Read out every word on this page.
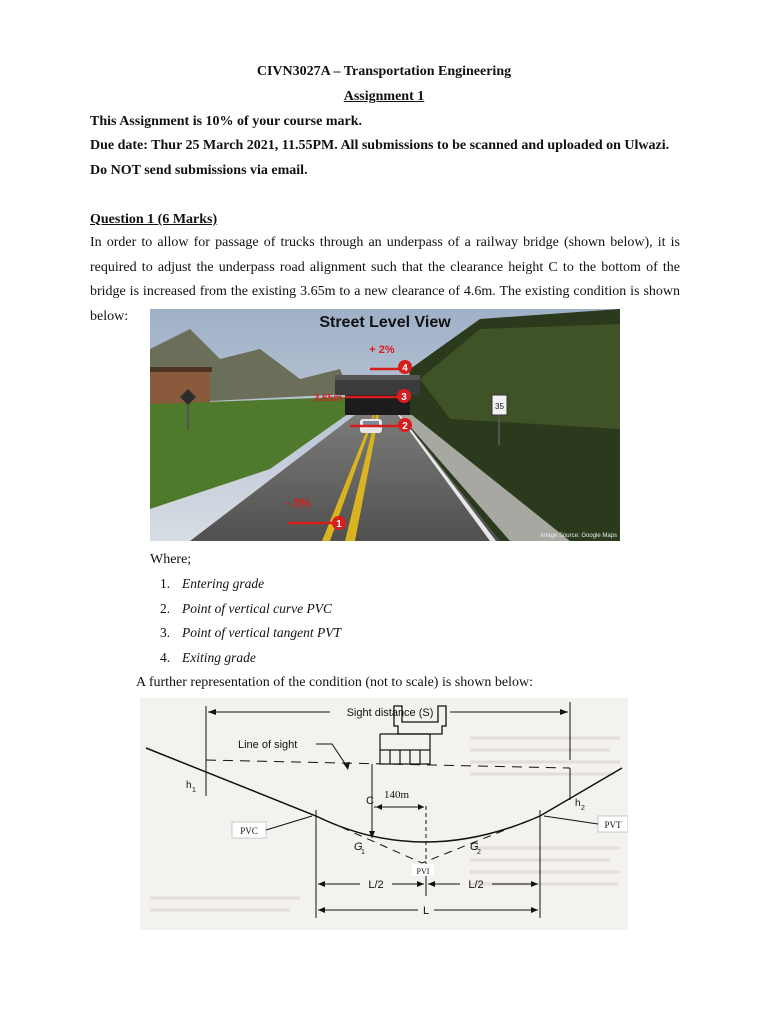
CIVN3027A – Transportation Engineering
Assignment 1
This Assignment is 10% of your course mark.
Due date: Thur 25 March 2021, 11.55PM. All submissions to be scanned and uploaded on Ulwazi.
Do NOT send submissions via email.
Question 1 (6 Marks)
In order to allow for passage of trucks through an underpass of a railway bridge (shown below), it is required to adjust the underpass road alignment such that the clearance height C to the bottom of the bridge is increased from the existing 3.65m to a new clearance of 4.6m. The existing condition is shown below:
35
Street Level View
4
+ 2%
3
3.65m
2
1
- 3%
Image Source: Google Maps
Where;
1. Entering grade
2. Point of vertical curve PVC
3. Point of vertical tangent PVT
4. Exiting grade
A further representation of the condition (not to scale) is shown below:
Sight distance (S)
Line of sight
h 1
h 2
C 140m
PVC
PVT
PVI
G
1	G
2
L/2	L/2
L
